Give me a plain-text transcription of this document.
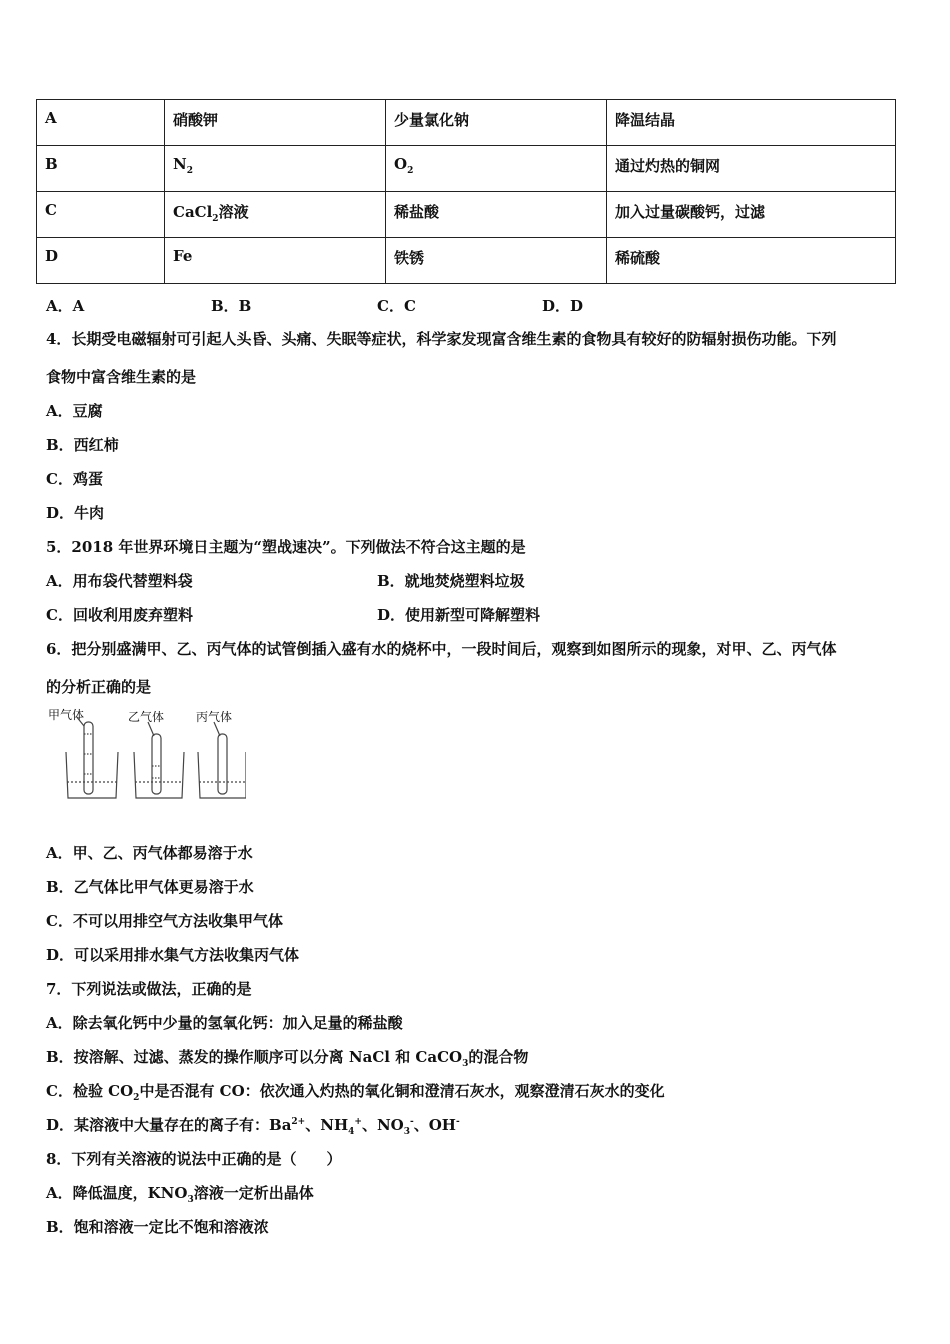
A	硝酸钾	少量氯化钠	降温结晶
B	$N_2$	$O_2$	通过灼热的铜网
C	CaCl$_2$溶液	稀盐酸	加入过量碳酸钙，过滤
D	Fe	铁锈	稀硫酸
A．A	B．B	C．C	D．D
4．长期受电磁辐射可引起人头昏、头痛、失眠等症状，科学家发现富含维生素的食物具有较好的防辐射损伤功能。下列
食物中富含维生素的是
A．豆腐
B．西红柿
C．鸡蛋
D．牛肉
5．2018 年世界环境日主题为“塑战速决”。下列做法不符合这主题的是
A．用布袋代替塑料袋	B．就地焚烧塑料垃圾
C．回收利用废弃塑料	D．使用新型可降解塑料
6．把分别盛满甲、乙、丙气体的试管倒插入盛有水的烧杯中，一段时间后，观察到如图所示的现象，对甲、乙、丙气体
的分析正确的是
甲气体	乙气体	丙气体
A．甲、乙、丙气体都易溶于水
B．乙气体比甲气体更易溶于水
C．不可以用排空气方法收集甲气体
D．可以采用排水集气方法收集丙气体
7．下列说法或做法，正确的是
A．除去氧化钙中少量的氢氧化钙：加入足量的稀盐酸
B．按溶解、过滤、蒸发的操作顺序可以分离 NaCl 和 CaCO$_3$的混合物
C．检验 $CO_2$中是否混有 CO：依次通入灼热的氧化铜和澄清石灰水，观察澄清石灰水的变化
D．某溶液中大量存在的离子有：$Ba^{2+}$、$NH_4^+$、$NO_3^-$、OH-
8．下列有关溶液的说法中正确的是（　　）
A．降低温度，$KNO_3$溶液一定析出晶体
B．饱和溶液一定比不饱和溶液浓
